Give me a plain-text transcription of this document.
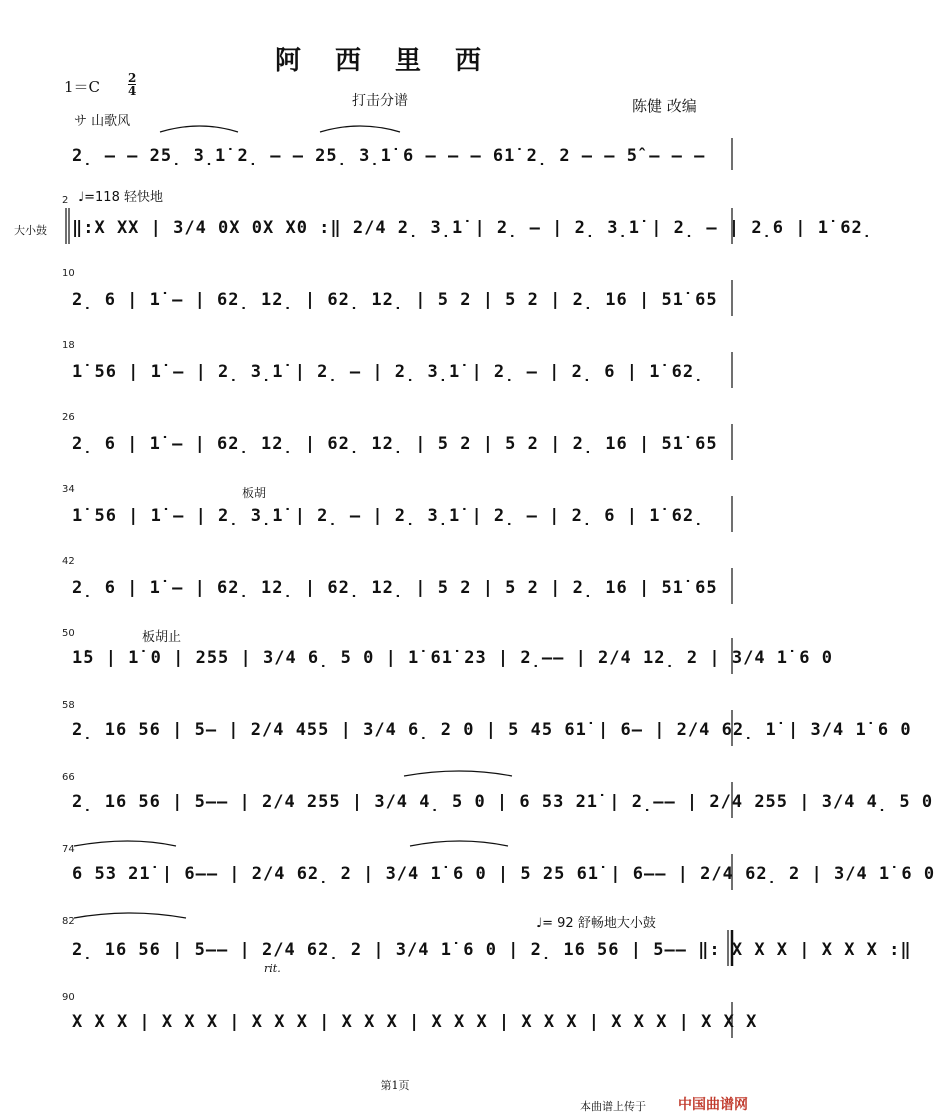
阿西里西
1＝C 2
4
打击分谱	陈健 改编
サ 山歌风
♩=118 轻快地
大小鼓
板胡
板胡止
rit.
♩= 92 舒畅地大小鼓
2̣ – – 25̣ 3̣1̇ 2̣ – – 25̣ 3̣1̇ 6 – – – 61̇ 2̣ 2 – – 5̂ – – –
2
‖:X XX | 3/4 0X 0X X0 :‖ 2/4 2̣ 3̣1̇ | 2̣ – | 2̣ 3̣1̇ | 2̣ – | 2̣6 | 1̇ 62̣
10
2̣ 6 | 1̇ – | 62̣ 12̣ | 62̣ 12̣ | 5 2 | 5 2 | 2̣ 16 | 51̇ 65
18
1̇ 56 | 1̇ – | 2̣ 3̣1̇ | 2̣ – | 2̣ 3̣1̇ | 2̣ – | 2̣ 6 | 1̇ 62̣
26
2̣ 6 | 1̇ – | 62̣ 12̣ | 62̣ 12̣ | 5 2 | 5 2 | 2̣ 16 | 51̇ 65
34
1̇ 56 | 1̇ – | 2̣ 3̣1̇ | 2̣ – | 2̣ 3̣1̇ | 2̣ – | 2̣ 6 | 1̇ 62̣
42
2̣ 6 | 1̇ – | 62̣ 12̣ | 62̣ 12̣ | 5 2 | 5 2 | 2̣ 16 | 51̇ 65
50
1̇5 | 1̇ 0 | 255 | 3/4 6̣ 5 0 | 1̇ 61̇ 23 | 2̣–– | 2/4 12̣ 2 | 3/4 1̇ 6 0
58
2̣ 16 56 | 5— | 2/4 455 | 3/4 6̣ 2 0 | 5 45 61̇ | 6— | 2/4 62̣ 1̇ | 3/4 1̇ 6 0
66
2̣ 16 56 | 5–– | 2/4 255 | 3/4 4̣ 5 0 | 6 53 21̇ | 2̣–– | 2/4 255 | 3/4 4̣ 5 0
74
6 53 21̇ | 6–– | 2/4 62̣ 2 | 3/4 1̇ 6 0 | 5 25 61̇ | 6–– | 2/4 62̣ 2 | 3/4 1̇ 6 0
82
2̣ 16 56 | 5–– | 2/4 62̣ 2 | 3/4 1̇ 6 0 | 2̣ 16 56 | 5–– ‖: X X X | X X X :‖
90
X X X | X X X | X X X | X X X | X X X | X X X | X X X | X X X
第1页
本曲谱上传于 中国曲谱网
